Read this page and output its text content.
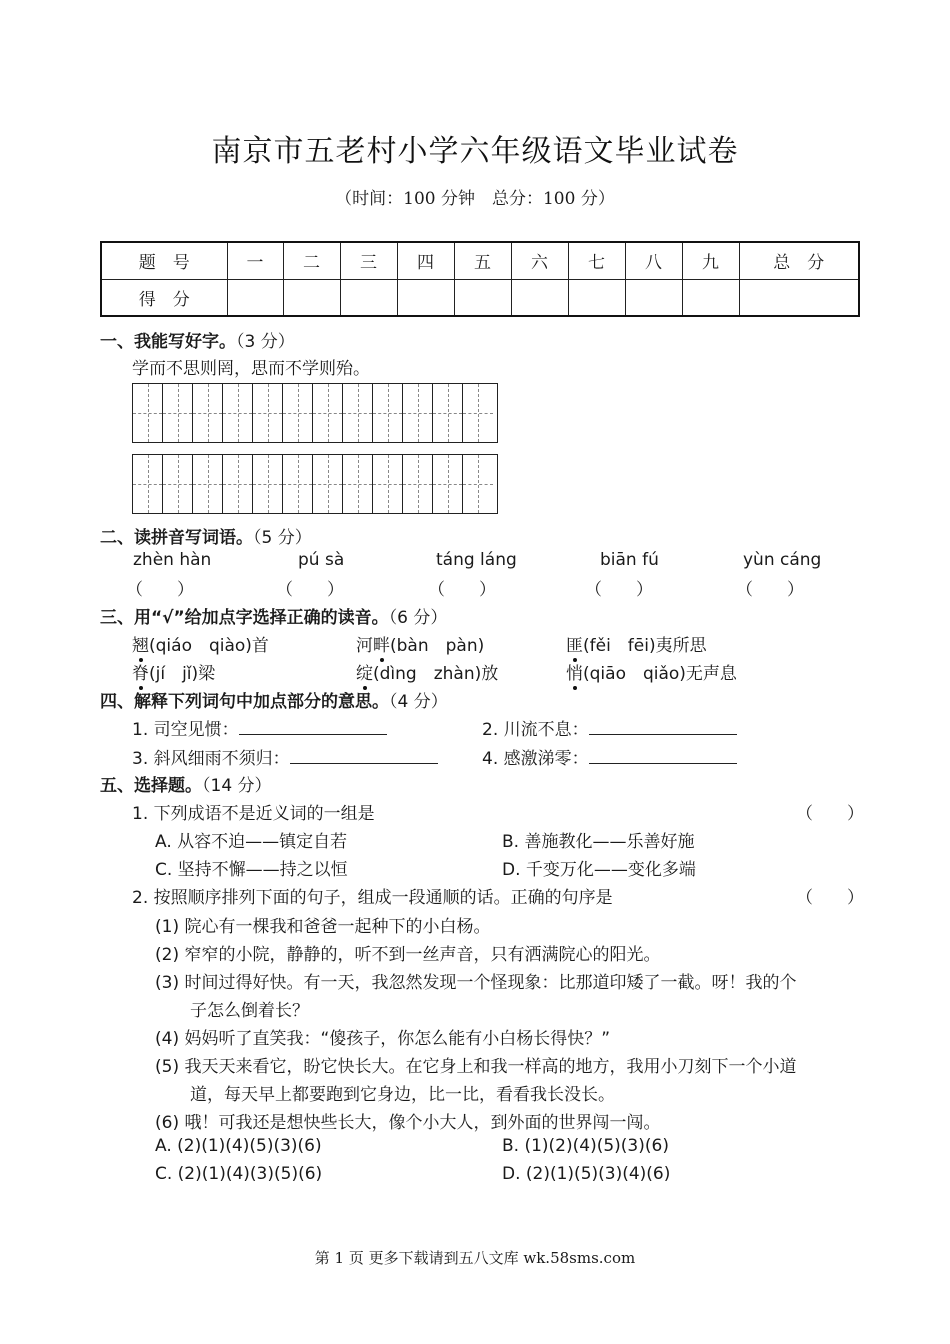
南京市五老村小学六年级语文毕业试卷
（时间：100 分钟　总分：100 分）
题　号	一	二	三	四	五	六	七	八	九	总　分
得　分										
一、我能写好字。（3 分）
学而不思则罔，思而不学则殆。
二、读拼音写词语。（5 分）
zhèn hàn	pú sà	táng láng	biān fú	yùn cáng
（　　）	（　　）	（　　）	（　　）	（　　）
三、用“√”给加点字选择正确的读音。（6 分）
翘(qiáo　qiào)首	河畔(bàn　pàn)	匪(fěi　fēi)夷所思
脊(jí　jǐ)梁	绽(dìng　zhàn)放	悄(qiāo　qiǎo)无声息
四、解释下列词句中加点部分的意思。（4 分）
1. 司空见惯：	2. 川流不息：
3. 斜风细雨不须归：	4. 感激涕零：
五、选择题。（14 分）
1. 下列成语不是近义词的一组是	（　　）
A. 从容不迫——镇定自若	B. 善施教化——乐善好施
C. 坚持不懈——持之以恒	D. 千变万化——变化多端
2. 按照顺序排列下面的句子，组成一段通顺的话。正确的句序是	（　　）
(1) 院心有一棵我和爸爸一起种下的小白杨。
(2) 窄窄的小院，静静的，听不到一丝声音，只有洒满院心的阳光。
(3) 时间过得好快。有一天，我忽然发现一个怪现象：比那道印矮了一截。呀！我的个
子怎么倒着长？
(4) 妈妈听了直笑我：“傻孩子，你怎么能有小白杨长得快？”
(5) 我天天来看它，盼它快长大。在它身上和我一样高的地方，我用小刀刻下一个小道
道，每天早上都要跑到它身边，比一比，看看我长没长。
(6) 哦！可我还是想快些长大，像个小大人，到外面的世界闯一闯。
A. (2)(1)(4)(5)(3)(6)	B. (1)(2)(4)(5)(3)(6)
C. (2)(1)(4)(3)(5)(6)	D. (2)(1)(5)(3)(4)(6)
第 1 页 更多下载请到五八文库 wk.58sms.com
